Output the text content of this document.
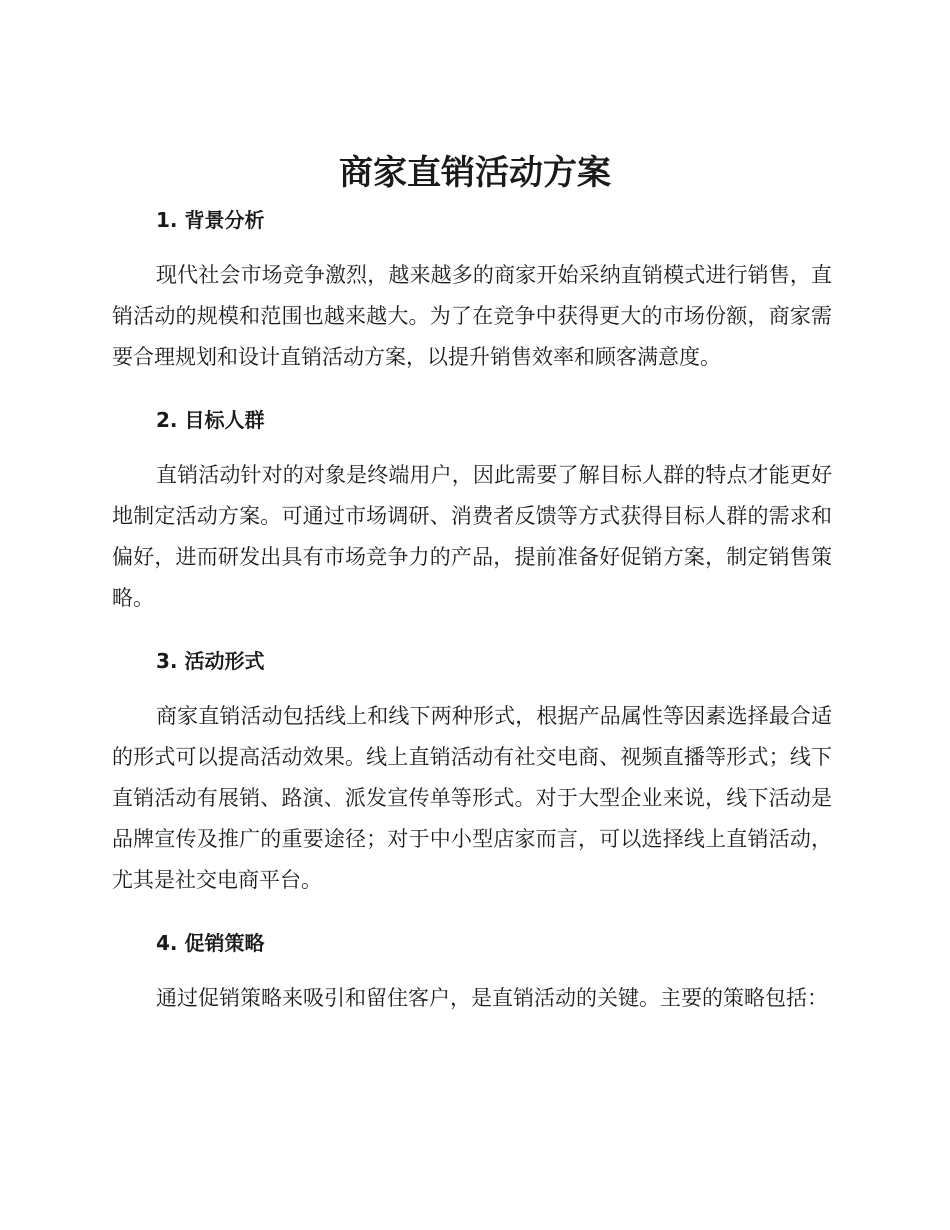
商家直销活动方案
1. 背景分析

现代社会市场竞争激烈，越来越多的商家开始采纳直销模式进行销售，直销活动的规模和范围也越来越大。为了在竞争中获得更大的市场份额，商家需要合理规划和设计直销活动方案，以提升销售效率和顾客满意度。

2. 目标人群

直销活动针对的对象是终端用户，因此需要了解目标人群的特点才能更好地制定活动方案。可通过市场调研、消费者反馈等方式获得目标人群的需求和偏好，进而研发出具有市场竞争力的产品，提前准备好促销方案，制定销售策略。

3. 活动形式

商家直销活动包括线上和线下两种形式，根据产品属性等因素选择最合适的形式可以提高活动效果。线上直销活动有社交电商、视频直播等形式；线下直销活动有展销、路演、派发宣传单等形式。对于大型企业来说，线下活动是品牌宣传及推广的重要途径；对于中小型店家而言，可以选择线上直销活动，尤其是社交电商平台。

4. 促销策略

通过促销策略来吸引和留住客户，是直销活动的关键。主要的策略包括：
